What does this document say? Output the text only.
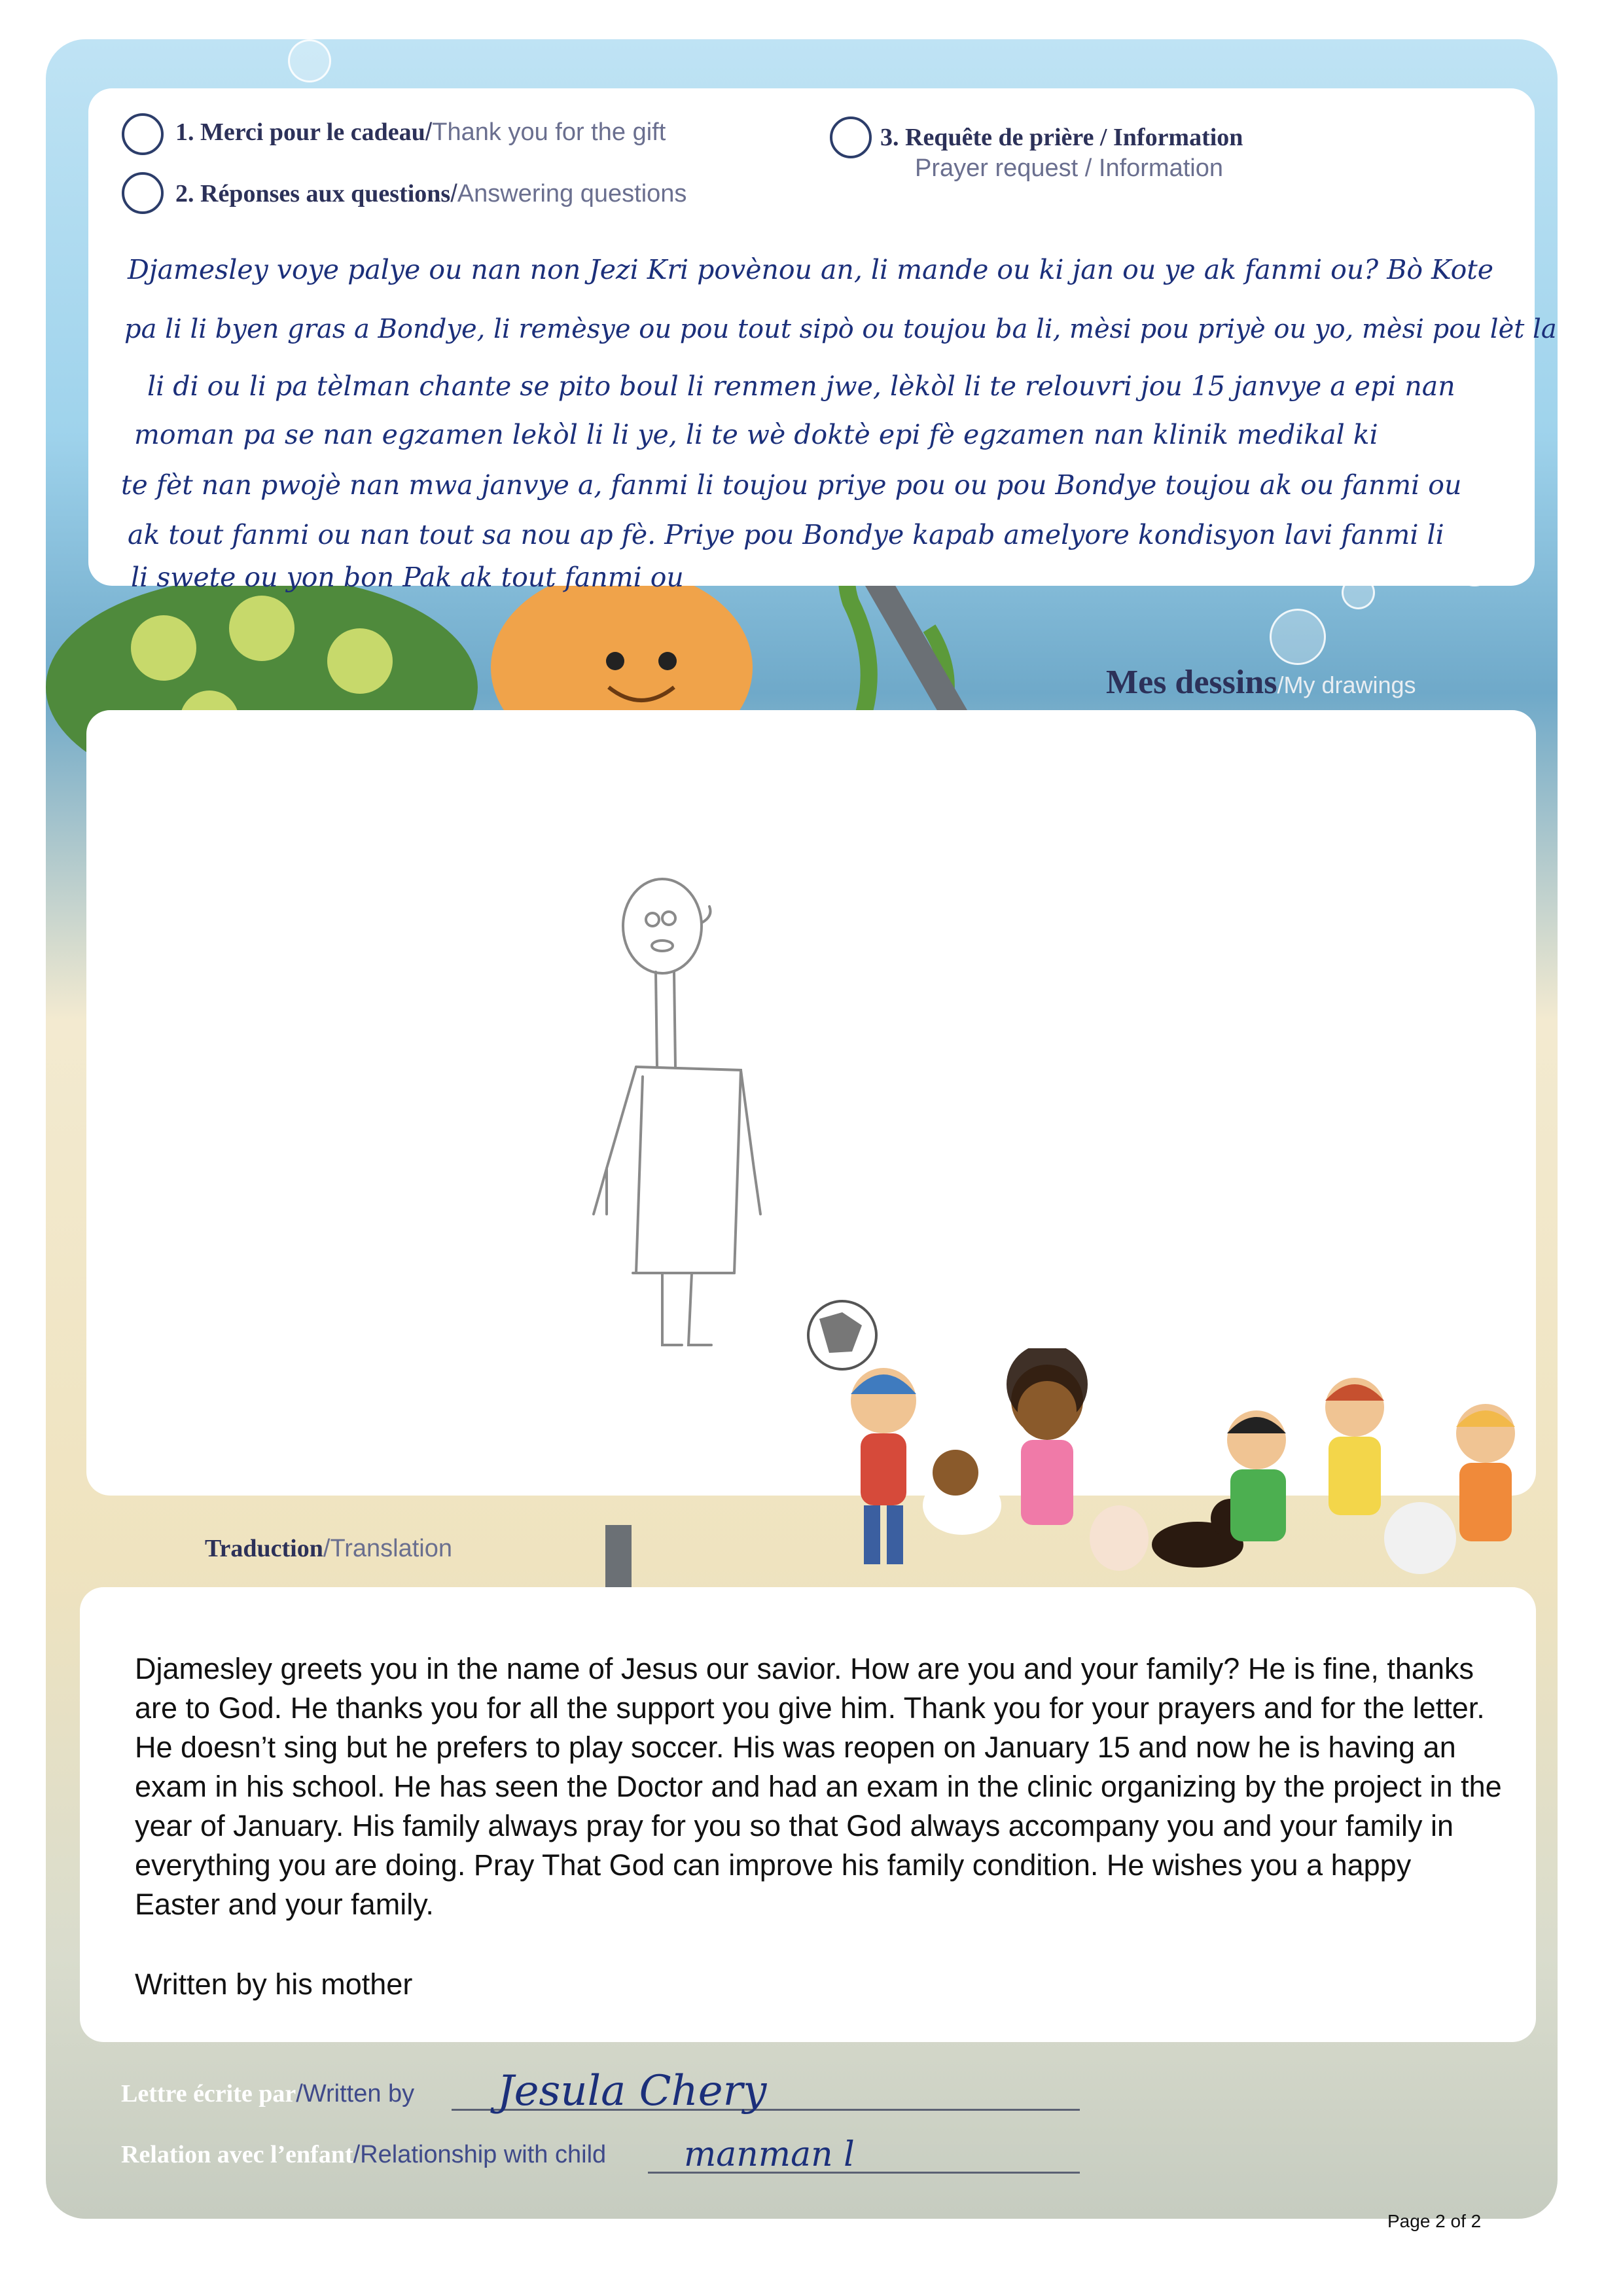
1. Merci pour le cadeau/Thank you for the gift
2. Réponses aux questions/Answering questions
3. Requête de prière / Information
Prayer request / Information
Djamesley voye palye ou nan non Jezi Kri povènou an, li mande ou ki jan ou ye ak fanmi ou? Bò Kote
pa li li byen gras a Bondye, li remèsye ou pou tout sipò ou toujou ba li, mèsi pou priyè ou yo, mèsi pou lèt la
li di ou li pa tèlman chante se pito boul li renmen jwe, lèkòl li te relouvri jou 15 janvye a epi nan
moman pa se nan egzamen lekòl li li ye, li te wè doktè epi fè egzamen nan klinik medikal ki
te fèt nan pwojè nan mwa janvye a, fanmi li toujou priye pou ou pou Bondye toujou ak ou fanmi ou
ak tout fanmi ou nan tout sa nou ap fè. Priye pou Bondye kapab amelyore kondisyon lavi fanmi li
li swete ou yon bon Pak ak tout fanmi ou
Mes dessins/My drawings
Traduction/Translation
Djamesley greets you in the name of Jesus our savior. How are you and your family? He is fine, thanks are to God. He thanks you for all the support you give him. Thank you for your prayers and for the letter. He doesn’t sing but he prefers to play soccer. His was reopen on January 15 and now he is having an exam in his school. He has seen the Doctor and had an exam in the clinic organizing by the project in the year of January. His family always pray for you so that God always accompany you and your family in everything you are doing. Pray That God can improve his family condition. He wishes you a happy Easter and your family.
Written by his mother
Lettre écrite par/Written by Jesula Chery
Relation avec l’enfant/Relationship with child manman l
Page 2 of 2
